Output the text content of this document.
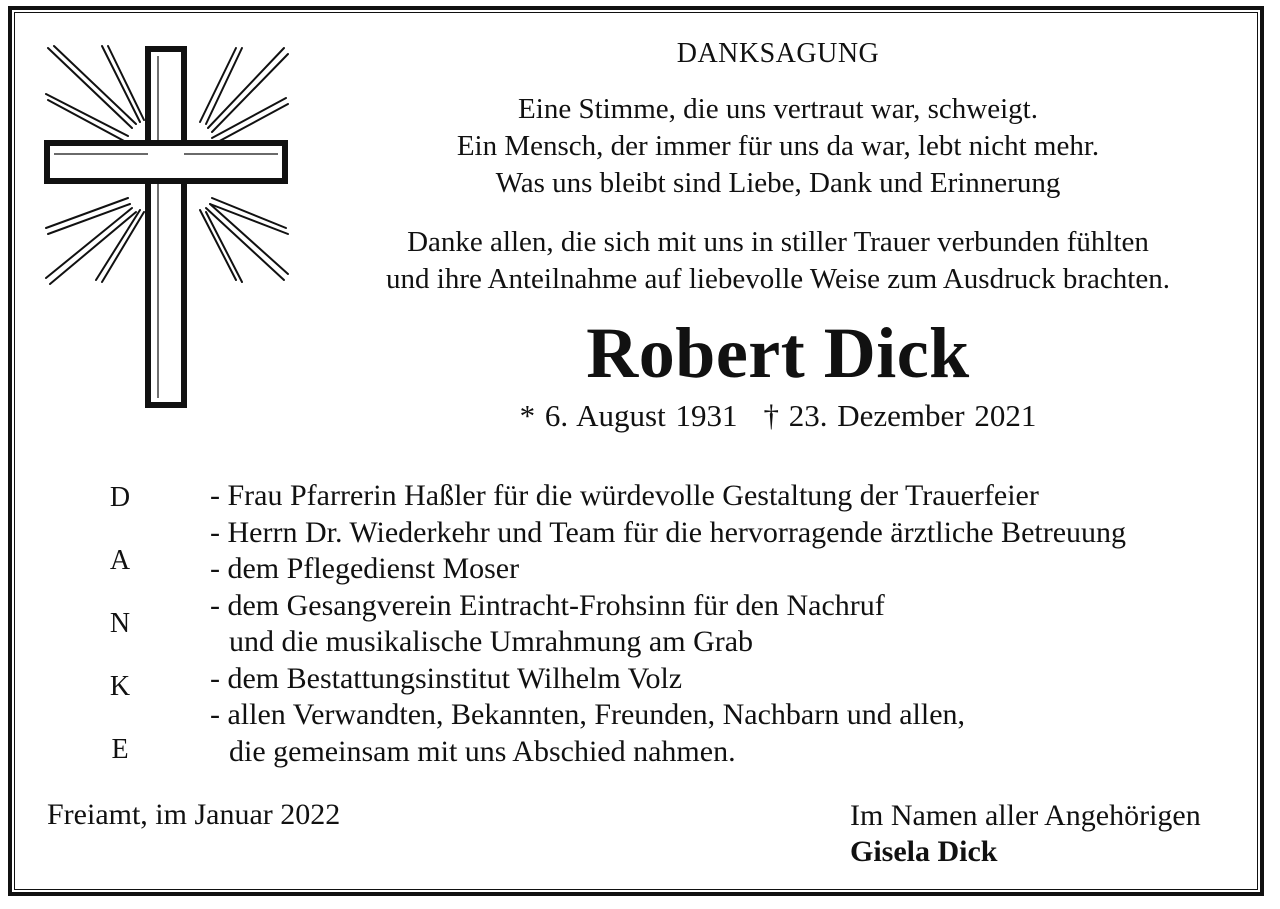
DANKSAGUNG
Eine Stimme, die uns vertraut war, schweigt.
Ein Mensch, der immer für uns da war, lebt nicht mehr.
Was uns bleibt sind Liebe, Dank und Erinnerung
Danke allen, die sich mit uns in stiller Trauer verbunden fühlten
und ihre Anteilnahme auf liebevolle Weise zum Ausdruck brachten.
Robert Dick
* 6. August 1931 † 23. Dezember 2021
D
A
N
K
E
- Frau Pfarrerin Haßler für die würdevolle Gestaltung der Trauerfeier
- Herrn Dr. Wiederkehr und Team für die hervorragende ärztliche Betreuung
- dem Pflegedienst Moser
- dem Gesangverein Eintracht-Frohsinn für den Nachruf
und die musikalische Umrahmung am Grab
- dem Bestattungsinstitut Wilhelm Volz
- allen Verwandten, Bekannten, Freunden, Nachbarn und allen,
die gemeinsam mit uns Abschied nahmen.
Freiamt, im Januar 2022	Im Namen aller Angehörigen
Gisela Dick
